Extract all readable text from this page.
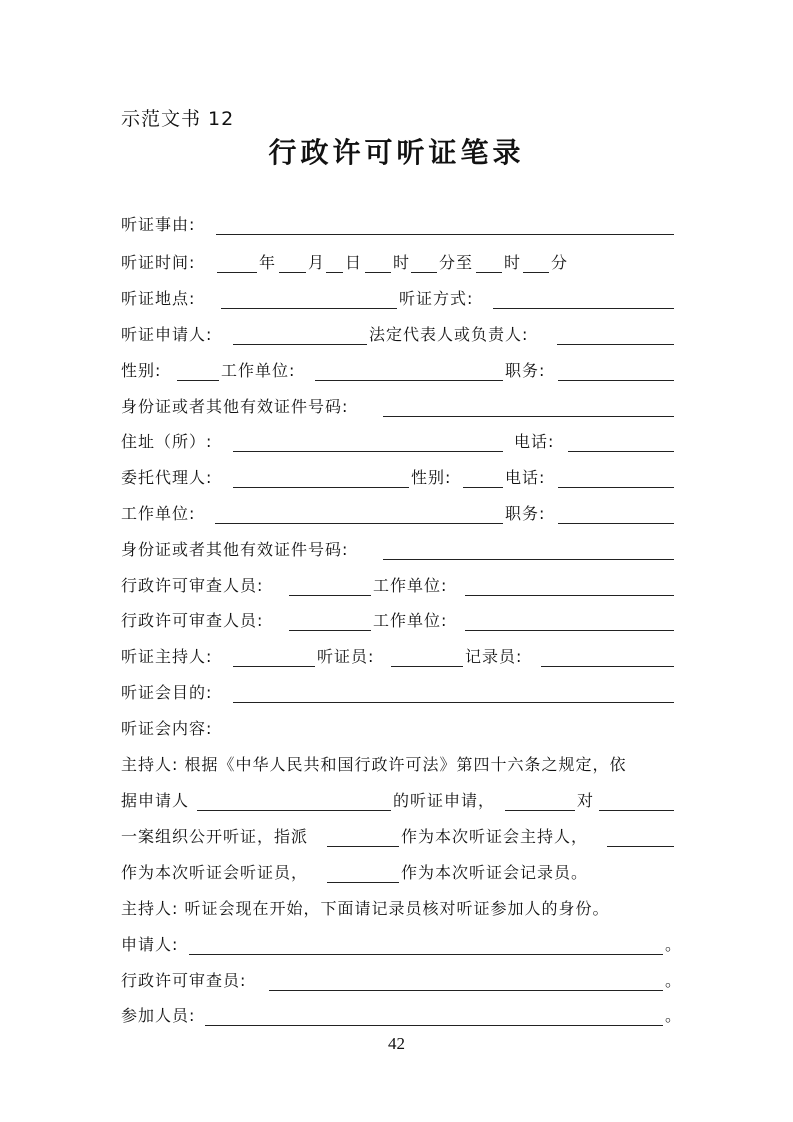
示范文书 12
行政许可听证笔录
听证事由:
听证时间:	年 月 日 时 分至 时 分
听证地点:	听证方式:
听证申请人:	法定代表人或负责人:
性别:	工作单位:	职务:
身份证或者其他有效证件号码:
住址（所）:	电话:
委托代理人:	性别:	电话:
工作单位:	职务:
身份证或者其他有效证件号码:
行政许可审查人员:	工作单位:
行政许可审查人员:	工作单位:
听证主持人:	听证员:	记录员:
听证会目的:
听证会内容:
主持人: 根据《中华人民共和国行政许可法》第四十六条之规定，依
据申请人	的听证申请，	对
一案组织公开听证，指派	作为本次听证会主持人，
作为本次听证会听证员，	作为本次听证会记录员。
主持人: 听证会现在开始，下面请记录员核对听证参加人的身份。
申请人:	。
行政许可审查员:	。
参加人员:	。
42
